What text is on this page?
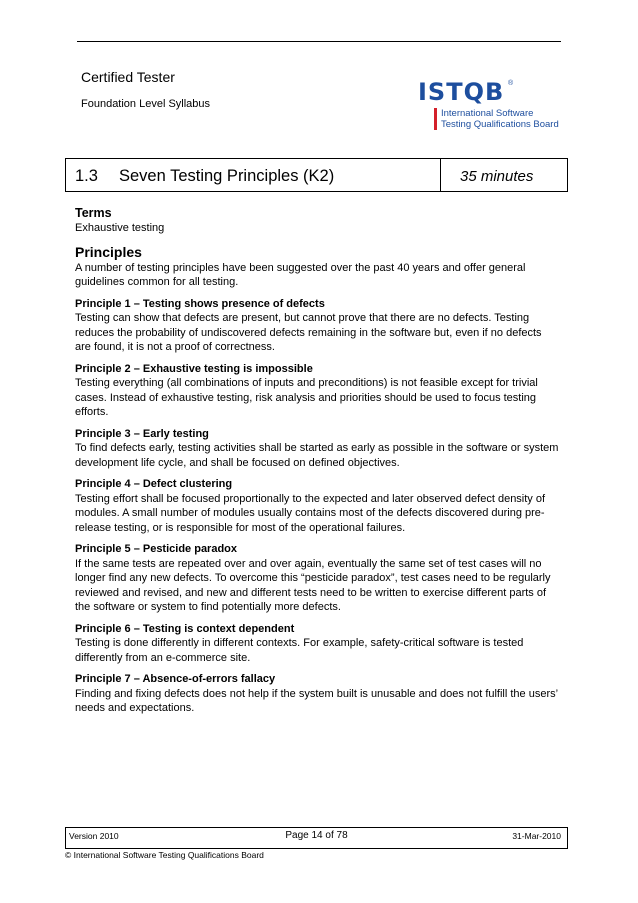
Certified Tester
Foundation Level Syllabus	ISTQB ®
International Software
Testing Qualifications Board
1.3 Seven Testing Principles (K2)	35 minutes

Terms

Exhaustive testing

Principles

A number of testing principles have been suggested over the past 40 years and offer general guidelines common for all testing.

Principle 1 – Testing shows presence of defects

Testing can show that defects are present, but cannot prove that there are no defects. Testing reduces the probability of undiscovered defects remaining in the software but, even if no defects are found, it is not a proof of correctness.

Principle 2 – Exhaustive testing is impossible

Testing everything (all combinations of inputs and preconditions) is not feasible except for trivial cases. Instead of exhaustive testing, risk analysis and priorities should be used to focus testing efforts.

Principle 3 – Early testing

To find defects early, testing activities shall be started as early as possible in the software or system development life cycle, and shall be focused on defined objectives.

Principle 4 – Defect clustering

Testing effort shall be focused proportionally to the expected and later observed defect density of modules. A small number of modules usually contains most of the defects discovered during pre-release testing, or is responsible for most of the operational failures.

Principle 5 – Pesticide paradox

If the same tests are repeated over and over again, eventually the same set of test cases will no longer find any new defects. To overcome this “pesticide paradox”, test cases need to be regularly reviewed and revised, and new and different tests need to be written to exercise different parts of the software or system to find potentially more defects.

Principle 6 – Testing is context dependent

Testing is done differently in different contexts. For example, safety-critical software is tested differently from an e-commerce site.

Principle 7 – Absence-of-errors fallacy

Finding and fixing defects does not help if the system built is unusable and does not fulfill the users’ needs and expectations.

Version 2010	Page 14 of 78	31-Mar-2010
© International Software Testing Qualifications Board
